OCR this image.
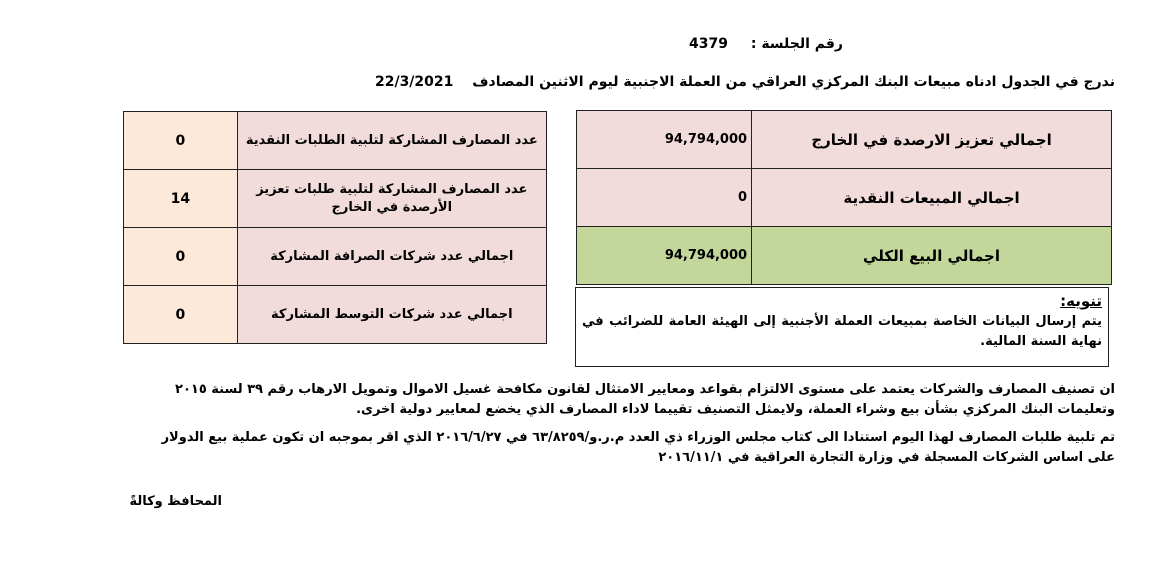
رقم الجلسة : 4379
ندرج في الجدول ادناه مبيعات البنك المركزي العراقي من العملة الاجنبية ليوم الاثنين المصادف 22/3/2021
94,794,000	اجمالي تعزيز الارصدة في الخارج
0	اجمالي المبيعات النقدية
94,794,000	اجمالي البيع الكلي
0	عدد المصارف المشاركة لتلبية الطلبات النقدية
14	عدد المصارف المشاركة لتلبية طلبات تعزيز الأرصدة في الخارج
0	اجمالي عدد شركات الصرافة المشاركة
0	اجمالي عدد شركات التوسط المشاركة
تنويه:
يتم إرسال البيانات الخاصة بمبيعات العملة الأجنبية إلى الهيئة العامة للضرائب في نهاية السنة المالية.
ان تصنيف المصارف والشركات يعتمد على مستوى الالتزام بقواعد ومعايير الامتثال لقانون مكافحة غسيل الاموال وتمويل الارهاب رقم ٣٩ لسنة ٢٠١٥ وتعليمات البنك المركزي بشأن بيع وشراء العملة، ولايمثل التصنيف تقييما لاداء المصارف الذي يخضع لمعايير دولية اخرى.
تم تلبية طلبات المصارف لهذا اليوم استنادا الى كتاب مجلس الوزراء ذي العدد م.ر.و/٦٣/٨٢٥٩ في ٢٠١٦/٦/٢٧ الذي اقر بموجبه ان تكون عملية بيع الدولار على اساس الشركات المسجلة في وزارة التجارة العراقية في ٢٠١٦/١١/١
المحافظ وكالةً
